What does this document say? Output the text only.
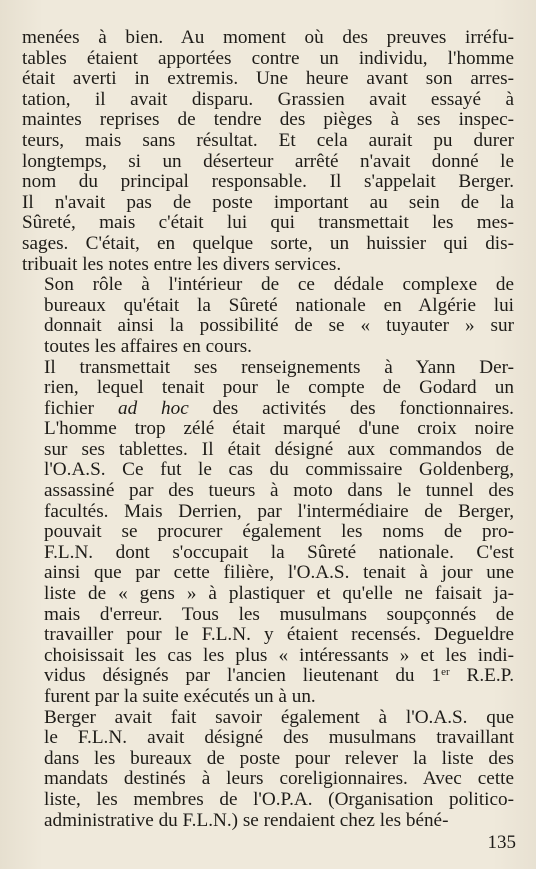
menées à bien. Au moment où des preuves irréfu-
tables étaient apportées contre un individu, l'homme
était averti in extremis. Une heure avant son arres-
tation, il avait disparu. Grassien avait essayé à
maintes reprises de tendre des pièges à ses inspec-
teurs, mais sans résultat. Et cela aurait pu durer
longtemps, si un déserteur arrêté n'avait donné le
nom du principal responsable. Il s'appelait Berger.
Il n'avait pas de poste important au sein de la
Sûreté, mais c'était lui qui transmettait les mes-
sages. C'était, en quelque sorte, un huissier qui dis-
tribuait les notes entre les divers services.
Son rôle à l'intérieur de ce dédale complexe de
bureaux qu'était la Sûreté nationale en Algérie lui
donnait ainsi la possibilité de se « tuyauter » sur
toutes les affaires en cours.
Il transmettait ses renseignements à Yann Der-
rien, lequel tenait pour le compte de Godard un
fichier ad hoc des activités des fonctionnaires.
L'homme trop zélé était marqué d'une croix noire
sur ses tablettes. Il était désigné aux commandos de
l'O.A.S. Ce fut le cas du commissaire Goldenberg,
assassiné par des tueurs à moto dans le tunnel des
facultés. Mais Derrien, par l'intermédiaire de Berger,
pouvait se procurer également les noms de pro-
F.L.N. dont s'occupait la Sûreté nationale. C'est
ainsi que par cette filière, l'O.A.S. tenait à jour une
liste de « gens » à plastiquer et qu'elle ne faisait ja-
mais d'erreur. Tous les musulmans soupçonnés de
travailler pour le F.L.N. y étaient recensés. Degueldre
choisissait les cas les plus « intéressants » et les indi-
vidus désignés par l'ancien lieutenant du 1er R.E.P.
furent par la suite exécutés un à un.
Berger avait fait savoir également à l'O.A.S. que
le F.L.N. avait désigné des musulmans travaillant
dans les bureaux de poste pour relever la liste des
mandats destinés à leurs coreligionnaires. Avec cette
liste, les membres de l'O.P.A. (Organisation politico-
administrative du F.L.N.) se rendaient chez les béné-
135
